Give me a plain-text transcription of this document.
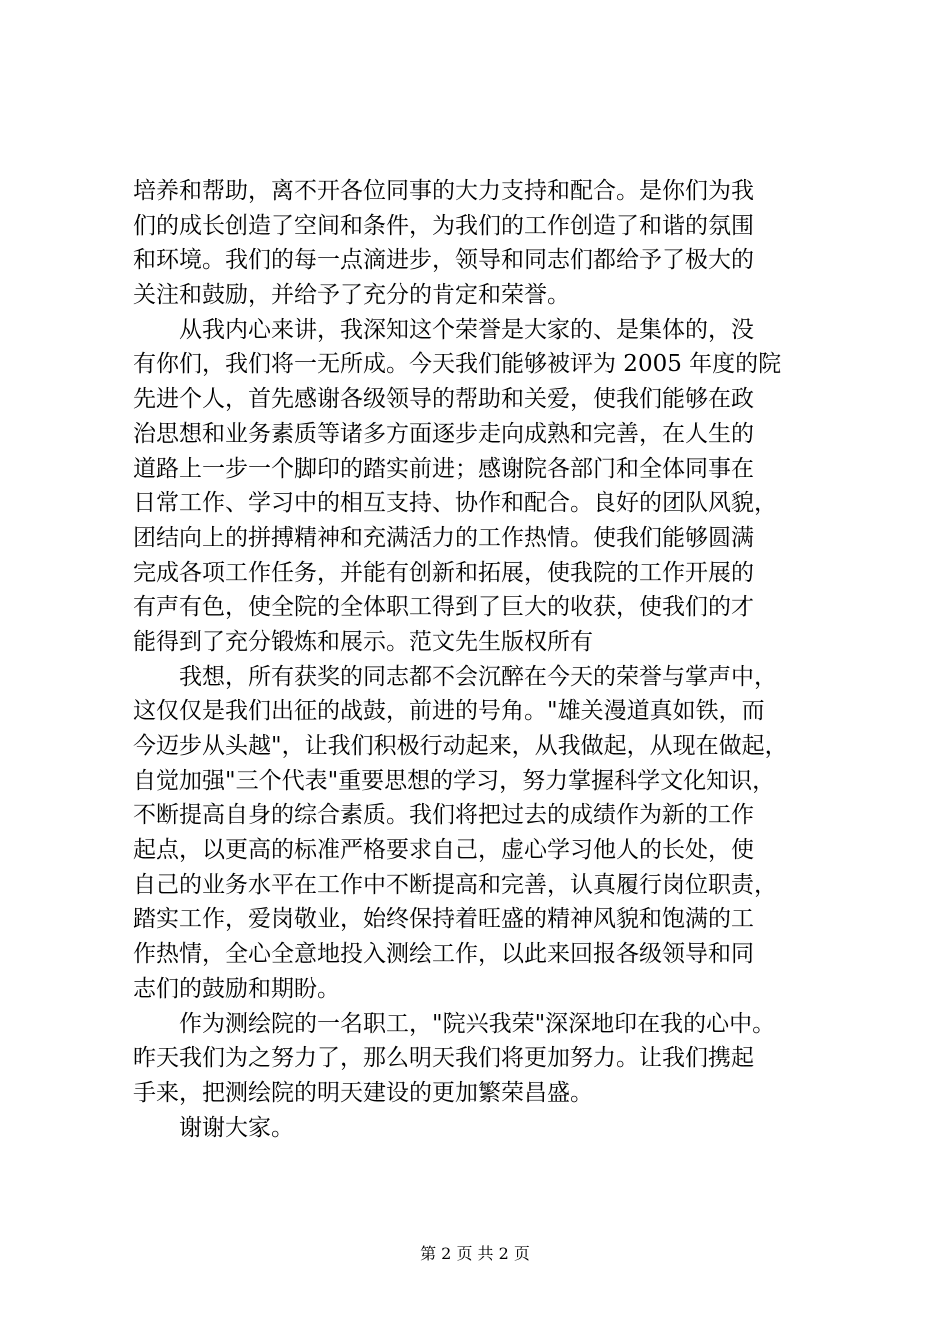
培养和帮助，离不开各位同事的大力支持和配合。是你们为我
们的成长创造了空间和条件，为我们的工作创造了和谐的氛围
和环境。我们的每一点滴进步，领导和同志们都给予了极大的
关注和鼓励，并给予了充分的肯定和荣誉。
从我内心来讲，我深知这个荣誉是大家的、是集体的，没
有你们，我们将一无所成。今天我们能够被评为 2005 年度的院
先进个人，首先感谢各级领导的帮助和关爱，使我们能够在政
治思想和业务素质等诸多方面逐步走向成熟和完善，在人生的
道路上一步一个脚印的踏实前进；感谢院各部门和全体同事在
日常工作、学习中的相互支持、协作和配合。良好的团队风貌，
团结向上的拼搏精神和充满活力的工作热情。使我们能够圆满
完成各项工作任务，并能有创新和拓展，使我院的工作开展的
有声有色，使全院的全体职工得到了巨大的收获，使我们的才
能得到了充分锻炼和展示。范文先生版权所有
我想，所有获奖的同志都不会沉醉在今天的荣誉与掌声中，
这仅仅是我们出征的战鼓，前进的号角。"雄关漫道真如铁，而
今迈步从头越"，让我们积极行动起来，从我做起，从现在做起，
自觉加强"三个代表"重要思想的学习，努力掌握科学文化知识，
不断提高自身的综合素质。我们将把过去的成绩作为新的工作
起点，以更高的标准严格要求自己，虚心学习他人的长处，使
自己的业务水平在工作中不断提高和完善，认真履行岗位职责，
踏实工作，爱岗敬业，始终保持着旺盛的精神风貌和饱满的工
作热情，全心全意地投入测绘工作，以此来回报各级领导和同
志们的鼓励和期盼。
作为测绘院的一名职工，"院兴我荣"深深地印在我的心中。
昨天我们为之努力了，那么明天我们将更加努力。让我们携起
手来，把测绘院的明天建设的更加繁荣昌盛。
谢谢大家。
第 2 页 共 2 页
